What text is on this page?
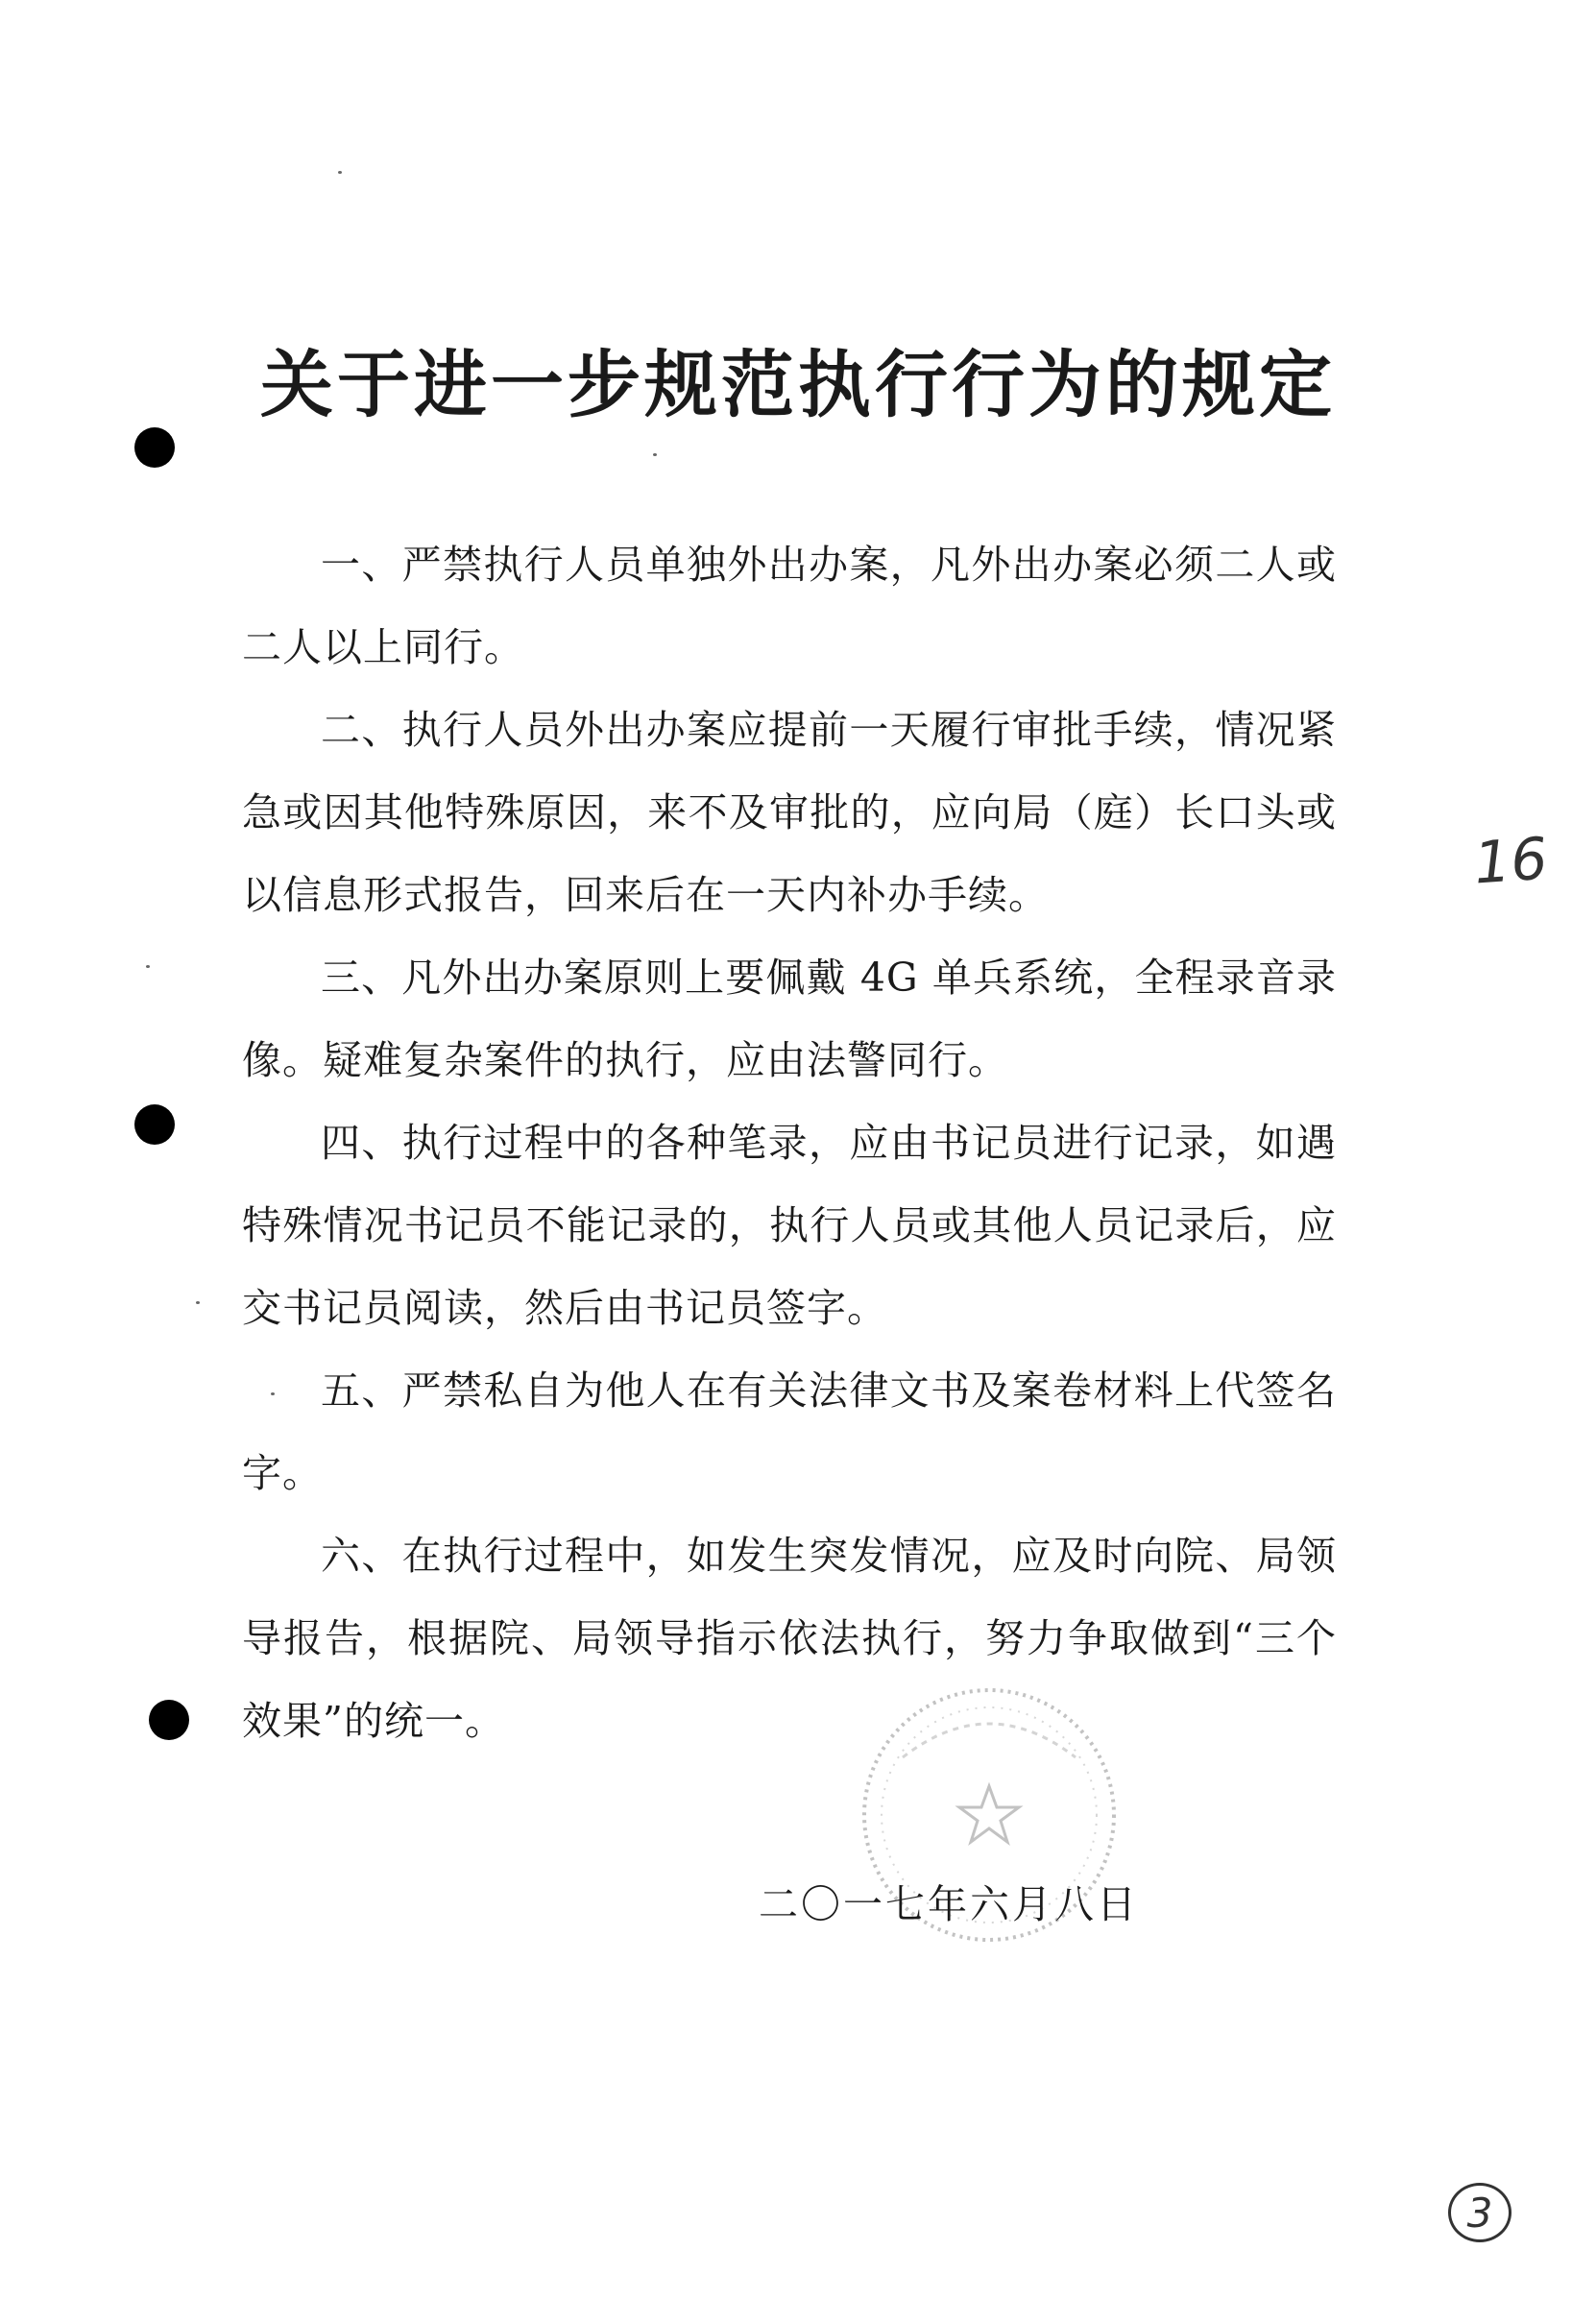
关于进一步规范执行行为的规定

一、严禁执行人员单独外出办案，凡外出办案必须二人或二人以上同行。

二、执行人员外出办案应提前一天履行审批手续，情况紧急或因其他特殊原因，来不及审批的，应向局（庭）长口头或以信息形式报告，回来后在一天内补办手续。

三、凡外出办案原则上要佩戴 4G 单兵系统，全程录音录像。疑难复杂案件的执行，应由法警同行。

四、执行过程中的各种笔录，应由书记员进行记录，如遇特殊情况书记员不能记录的，执行人员或其他人员记录后，应交书记员阅读，然后由书记员签字。

五、严禁私自为他人在有关法律文书及案卷材料上代签名字。

六、在执行过程中，如发生突发情况，应及时向院、局领导报告，根据院、局领导指示依法执行，努力争取做到“三个效果”的统一。

二〇一七年六月八日
16
3
